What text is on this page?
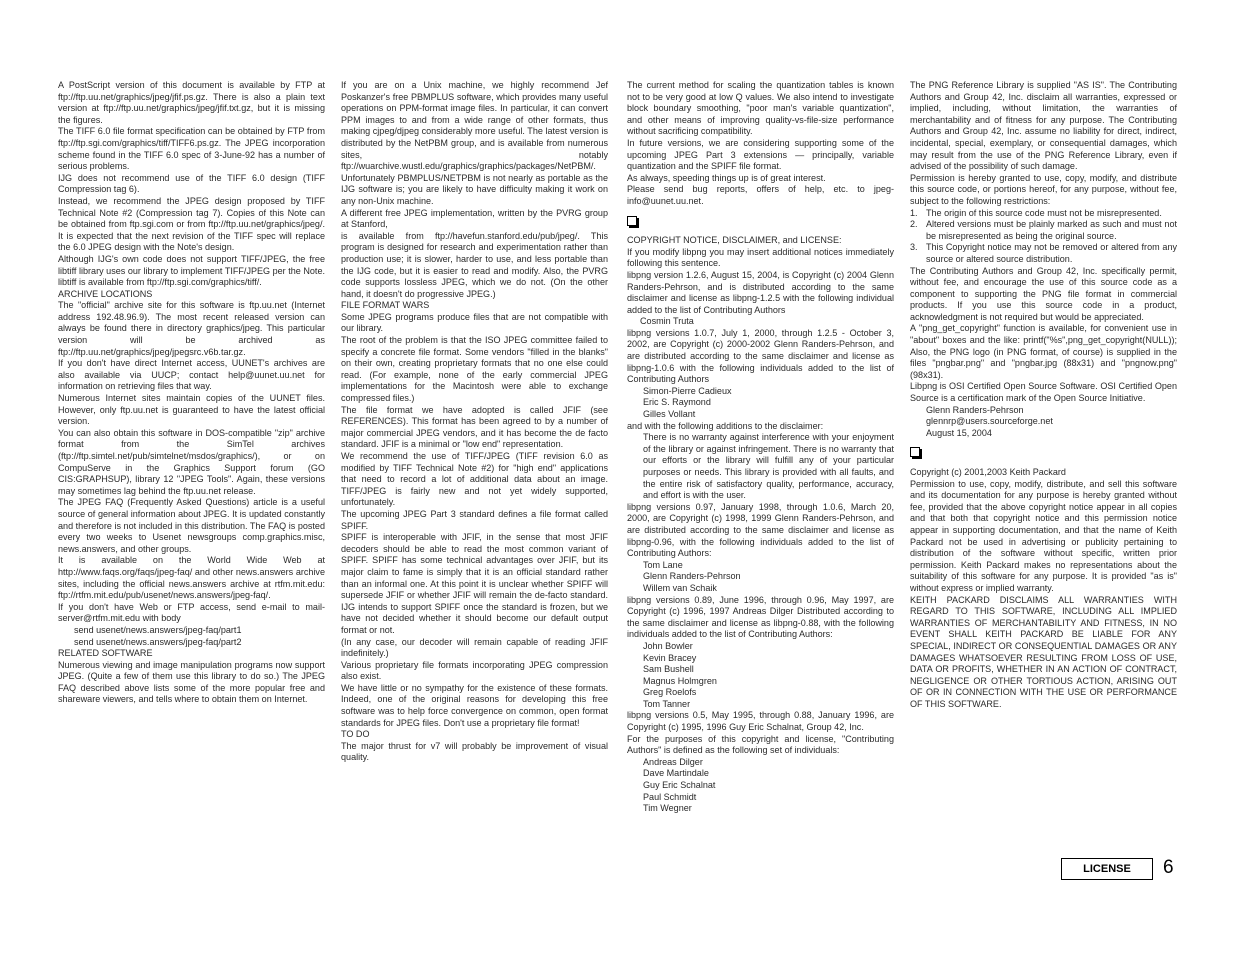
A PostScript version of this document is available by FTP at ftp://ftp.uu.net/graphics/jpeg/jfif.ps.gz. There is also a plain text version at ftp://ftp.uu.net/graphics/jpeg/jfif.txt.gz, but it is missing the figures.

The TIFF 6.0 file format specification can be obtained by FTP from ftp://ftp.sgi.com/graphics/tiff/TIFF6.ps.gz. The JPEG incorporation scheme found in the TIFF 6.0 spec of 3-June-92 has a number of serious problems.

IJG does not recommend use of the TIFF 6.0 design (TIFF Compression tag 6).

Instead, we recommend the JPEG design proposed by TIFF Technical Note #2 (Compression tag 7). Copies of this Note can be obtained from ftp.sgi.com or from ftp://ftp.uu.net/graphics/jpeg/. It is expected that the next revision of the TIFF spec will replace the 6.0 JPEG design with the Note's design.

Although IJG's own code does not support TIFF/JPEG, the free libtiff library uses our library to implement TIFF/JPEG per the Note. libtiff is available from ftp://ftp.sgi.com/graphics/tiff/.

ARCHIVE LOCATIONS

The "official" archive site for this software is ftp.uu.net (Internet address 192.48.96.9). The most recent released version can always be found there in directory graphics/jpeg. This particular version will be archived as ftp://ftp.uu.net/graphics/jpeg/jpegsrc.v6b.tar.gz.

If you don't have direct Internet access, UUNET's archives are also available via UUCP; contact help@uunet.uu.net for information on retrieving files that way.

Numerous Internet sites maintain copies of the UUNET files. However, only ftp.uu.net is guaranteed to have the latest official version.

You can also obtain this software in DOS-compatible "zip" archive format from the SimTel archives (ftp://ftp.simtel.net/pub/simtelnet/msdos/graphics/), or on CompuServe in the Graphics Support forum (GO CIS:GRAPHSUP), library 12 "JPEG Tools". Again, these versions may sometimes lag behind the ftp.uu.net release.

The JPEG FAQ (Frequently Asked Questions) article is a useful source of general information about JPEG. It is updated constantly and therefore is not included in this distribution. The FAQ is posted every two weeks to Usenet newsgroups comp.graphics.misc, news.answers, and other groups.

It is available on the World Wide Web at http://www.faqs.org/faqs/jpeg-faq/ and other news.answers archive sites, including the official news.answers archive at rtfm.mit.edu: ftp://rtfm.mit.edu/pub/usenet/news.answers/jpeg-faq/.

If you don't have Web or FTP access, send e-mail to mail-server@rtfm.mit.edu with body

send usenet/news.answers/jpeg-faq/part1

send usenet/news.answers/jpeg-faq/part2

RELATED SOFTWARE

Numerous viewing and image manipulation programs now support JPEG. (Quite a few of them use this library to do so.) The JPEG FAQ described above lists some of the more popular free and shareware viewers, and tells where to obtain them on Internet.

If you are on a Unix machine, we highly recommend Jef Poskanzer's free PBMPLUS software, which provides many useful operations on PPM-format image files. In particular, it can convert PPM images to and from a wide range of other formats, thus making cjpeg/djpeg considerably more useful. The latest version is distributed by the NetPBM group, and is available from numerous sites, notably ftp://wuarchive.wustl.edu/graphics/graphics/packages/NetPBM/.

Unfortunately PBMPLUS/NETPBM is not nearly as portable as the IJG software is; you are likely to have difficulty making it work on any non-Unix machine.

A different free JPEG implementation, written by the PVRG group at Stanford,

is available from ftp://havefun.stanford.edu/pub/jpeg/. This program is designed for research and experimentation rather than production use; it is slower, harder to use, and less portable than the IJG code, but it is easier to read and modify. Also, the PVRG code supports lossless JPEG, which we do not. (On the other hand, it doesn't do progressive JPEG.)

FILE FORMAT WARS

Some JPEG programs produce files that are not compatible with our library.

The root of the problem is that the ISO JPEG committee failed to specify a concrete file format. Some vendors "filled in the blanks" on their own, creating proprietary formats that no one else could read. (For example, none of the early commercial JPEG implementations for the Macintosh were able to exchange compressed files.)

The file format we have adopted is called JFIF (see REFERENCES). This format has been agreed to by a number of major commercial JPEG vendors, and it has become the de facto standard. JFIF is a minimal or "low end" representation.

We recommend the use of TIFF/JPEG (TIFF revision 6.0 as modified by TIFF Technical Note #2) for "high end" applications that need to record a lot of additional data about an image. TIFF/JPEG is fairly new and not yet widely supported, unfortunately.

The upcoming JPEG Part 3 standard defines a file format called SPIFF.

SPIFF is interoperable with JFIF, in the sense that most JFIF decoders should be able to read the most common variant of SPIFF. SPIFF has some technical advantages over JFIF, but its major claim to fame is simply that it is an official standard rather than an informal one. At this point it is unclear whether SPIFF will supersede JFIF or whether JFIF will remain the de-facto standard. IJG intends to support SPIFF once the standard is frozen, but we have not decided whether it should become our default output format or not.

(In any case, our decoder will remain capable of reading JFIF indefinitely.)

Various proprietary file formats incorporating JPEG compression also exist.

We have little or no sympathy for the existence of these formats. Indeed, one of the original reasons for developing this free software was to help force convergence on common, open format standards for JPEG files. Don't use a proprietary file format!

TO DO

The major thrust for v7 will probably be improvement of visual quality.

The current method for scaling the quantization tables is known not to be very good at low Q values. We also intend to investigate block boundary smoothing, "poor man's variable quantization", and other means of improving quality-vs-file-size performance without sacrificing compatibility.

In future versions, we are considering supporting some of the upcoming JPEG Part 3 extensions — principally, variable quantization and the SPIFF file format.

As always, speeding things up is of great interest.

Please send bug reports, offers of help, etc. to jpeg-info@uunet.uu.net.

COPYRIGHT NOTICE, DISCLAIMER, and LICENSE:

If you modify libpng you may insert additional notices immediately following this sentence.

libpng version 1.2.6, August 15, 2004, is Copyright (c) 2004 Glenn Randers-Pehrson, and is distributed according to the same disclaimer and license as libpng-1.2.5 with the following individual added to the list of Contributing Authors

Cosmin Truta

libpng versions 1.0.7, July 1, 2000, through 1.2.5 - October 3, 2002, are Copyright (c) 2000-2002 Glenn Randers-Pehrson, and are distributed according to the same disclaimer and license as libpng-1.0.6 with the following individuals added to the list of Contributing Authors

Simon-Pierre Cadieux

Eric S. Raymond

Gilles Vollant

and with the following additions to the disclaimer:

There is no warranty against interference with your enjoyment of the library or against infringement. There is no warranty that our efforts or the library will fulfill any of your particular purposes or needs. This library is provided with all faults, and the entire risk of satisfactory quality, performance, accuracy, and effort is with the user.

libpng versions 0.97, January 1998, through 1.0.6, March 20, 2000, are Copyright (c) 1998, 1999 Glenn Randers-Pehrson, and are distributed according to the same disclaimer and license as libpng-0.96, with the following individuals added to the list of Contributing Authors:

Tom Lane

Glenn Randers-Pehrson

Willem van Schaik

libpng versions 0.89, June 1996, through 0.96, May 1997, are Copyright (c) 1996, 1997 Andreas Dilger Distributed according to the same disclaimer and license as libpng-0.88, with the following individuals added to the list of Contributing Authors:

John Bowler

Kevin Bracey

Sam Bushell

Magnus Holmgren

Greg Roelofs

Tom Tanner

libpng versions 0.5, May 1995, through 0.88, January 1996, are Copyright (c) 1995, 1996 Guy Eric Schalnat, Group 42, Inc.

For the purposes of this copyright and license, "Contributing Authors" is defined as the following set of individuals:

Andreas Dilger

Dave Martindale

Guy Eric Schalnat

Paul Schmidt

Tim Wegner

The PNG Reference Library is supplied "AS IS". The Contributing Authors and Group 42, Inc. disclaim all warranties, expressed or implied, including, without limitation, the warranties of merchantability and of fitness for any purpose. The Contributing Authors and Group 42, Inc. assume no liability for direct, indirect, incidental, special, exemplary, or consequential damages, which may result from the use of the PNG Reference Library, even if advised of the possibility of such damage.

Permission is hereby granted to use, copy, modify, and distribute this source code, or portions hereof, for any purpose, without fee, subject to the following restrictions:

1. The origin of this source code must not be misrepresented.
2. Altered versions must be plainly marked as such and must not be misrepresented as being the original source.
3. This Copyright notice may not be removed or altered from any source or altered source distribution.

The Contributing Authors and Group 42, Inc. specifically permit, without fee, and encourage the use of this source code as a component to supporting the PNG file format in commercial products. If you use this source code in a product, acknowledgment is not required but would be appreciated.

A "png_get_copyright" function is available, for convenient use in "about" boxes and the like: printf("%s",png_get_copyright(NULL)); Also, the PNG logo (in PNG format, of course) is supplied in the files "pngbar.png" and "pngbar.jpg (88x31) and "pngnow.png" (98x31).

Libpng is OSI Certified Open Source Software. OSI Certified Open Source is a certification mark of the Open Source Initiative.

Glenn Randers-Pehrson

glennrp@users.sourceforge.net

August 15, 2004

Copyright (c) 2001,2003 Keith Packard

Permission to use, copy, modify, distribute, and sell this software and its documentation for any purpose is hereby granted without fee, provided that the above copyright notice appear in all copies and that both that copyright notice and this permission notice appear in supporting documentation, and that the name of Keith Packard not be used in advertising or publicity pertaining to distribution of the software without specific, written prior permission. Keith Packard makes no representations about the suitability of this software for any purpose. It is provided "as is" without express or implied warranty.

KEITH PACKARD DISCLAIMS ALL WARRANTIES WITH REGARD TO THIS SOFTWARE, INCLUDING ALL IMPLIED WARRANTIES OF MERCHANTABILITY AND FITNESS, IN NO EVENT SHALL KEITH PACKARD BE LIABLE FOR ANY SPECIAL, INDIRECT OR CONSEQUENTIAL DAMAGES OR ANY DAMAGES WHATSOEVER RESULTING FROM LOSS OF USE, DATA OR PROFITS, WHETHER IN AN ACTION OF CONTRACT, NEGLIGENCE OR OTHER TORTIOUS ACTION, ARISING OUT OF OR IN CONNECTION WITH THE USE OR PERFORMANCE OF THIS SOFTWARE.

LICENSE	6
